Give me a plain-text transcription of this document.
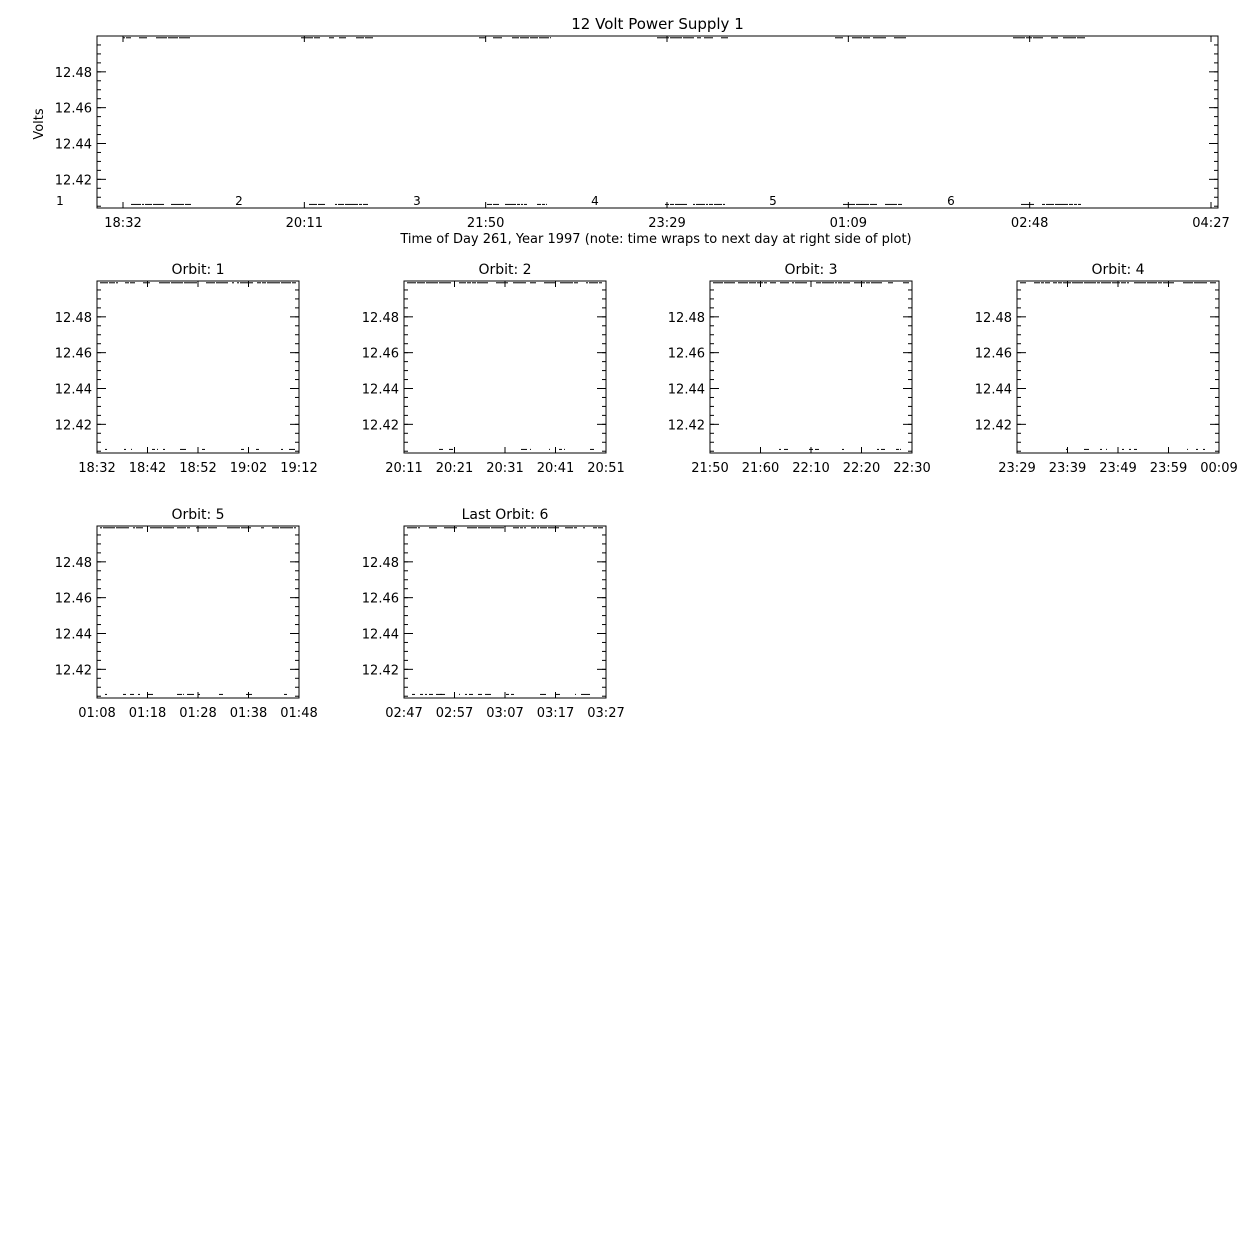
12 Volt Power Supply 1
12.42
12.44
12.46
12.48
18:32	20:11	21:50	23:29	01:09	02:48	04:27
Volts
Time of Day 261, Year 1997 (note: time wraps to next day at right side of plot)
1	2	3	4	5	6
Orbit: 1
12.42
12.44
12.46
12.48
18:32 18:42 18:52 19:02 19:12
Orbit: 2
12.42
12.44
12.46
12.48
20:11 20:21 20:31 20:41 20:51
Orbit: 3
12.42
12.44
12.46
12.48
21:50 21:60 22:10 22:20 22:30
Orbit: 4
12.42
12.44
12.46
12.48
23:29 23:39 23:49 23:59 00:09
Orbit: 5
12.42
12.44
12.46
12.48
01:08 01:18 01:28 01:38 01:48
Last Orbit: 6
12.42
12.44
12.46
12.48
02:47 02:57 03:07 03:17 03:27
